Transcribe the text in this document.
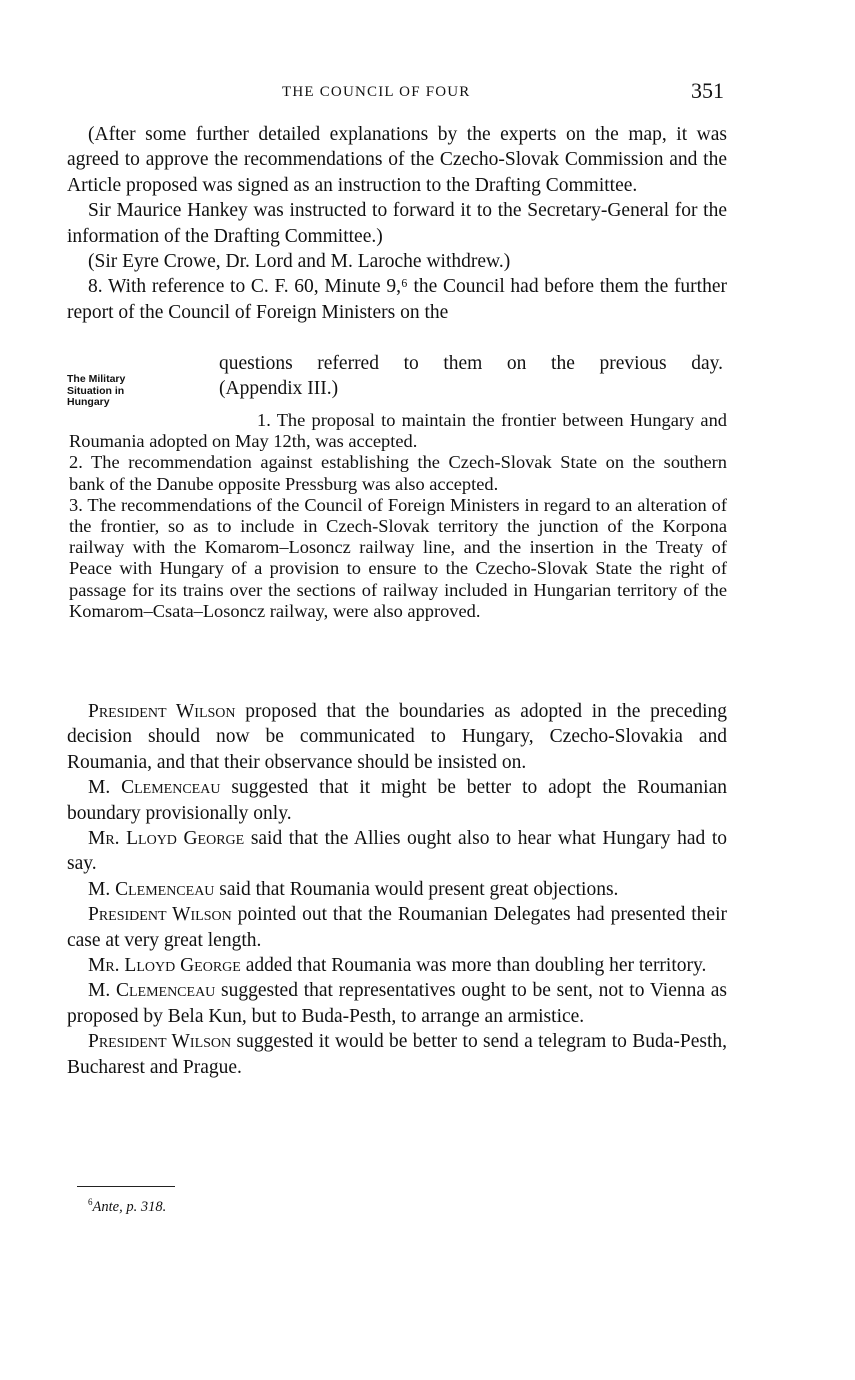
THE COUNCIL OF FOUR	351

(After some further detailed explanations by the experts on the map, it was agreed to approve the recommendations of the Czecho-Slovak Commission and the Article proposed was signed as an instruction to the Drafting Committee.

Sir Maurice Hankey was instructed to forward it to the Secretary-General for the information of the Drafting Committee.)

(Sir Eyre Crowe, Dr. Lord and M. Laroche withdrew.)

8. With reference to C. F. 60, Minute 9,⁶ the Council had before them the further report of the Council of Foreign Ministers on the

The Military Situation in Hungary
questions referred to them on the previous day.
(Appendix III.)

1. The proposal to maintain the frontier between Hungary and Roumania adopted on May 12th, was accepted.

2. The recommendation against establishing the Czech-Slovak State on the southern bank of the Danube opposite Pressburg was also accepted.

3. The recommendations of the Council of Foreign Ministers in regard to an alteration of the frontier, so as to include in Czech-Slovak territory the junction of the Korpona railway with the Komarom–Losoncz railway line, and the insertion in the Treaty of Peace with Hungary of a provision to ensure to the Czecho-Slovak State the right of passage for its trains over the sections of railway included in Hungarian territory of the Komarom–Csata–Losoncz railway, were also approved.

President Wilson proposed that the boundaries as adopted in the preceding decision should now be communicated to Hungary, Czecho-Slovakia and Roumania, and that their observance should be insisted on.

M. Clemenceau suggested that it might be better to adopt the Roumanian boundary provisionally only.

Mr. Lloyd George said that the Allies ought also to hear what Hungary had to say.

M. Clemenceau said that Roumania would present great objections.

President Wilson pointed out that the Roumanian Delegates had presented their case at very great length.

Mr. Lloyd George added that Roumania was more than doubling her territory.

M. Clemenceau suggested that representatives ought to be sent, not to Vienna as proposed by Bela Kun, but to Buda-Pesth, to arrange an armistice.

President Wilson suggested it would be better to send a telegram to Buda-Pesth, Bucharest and Prague.

$^6$Ante, p. 318.
